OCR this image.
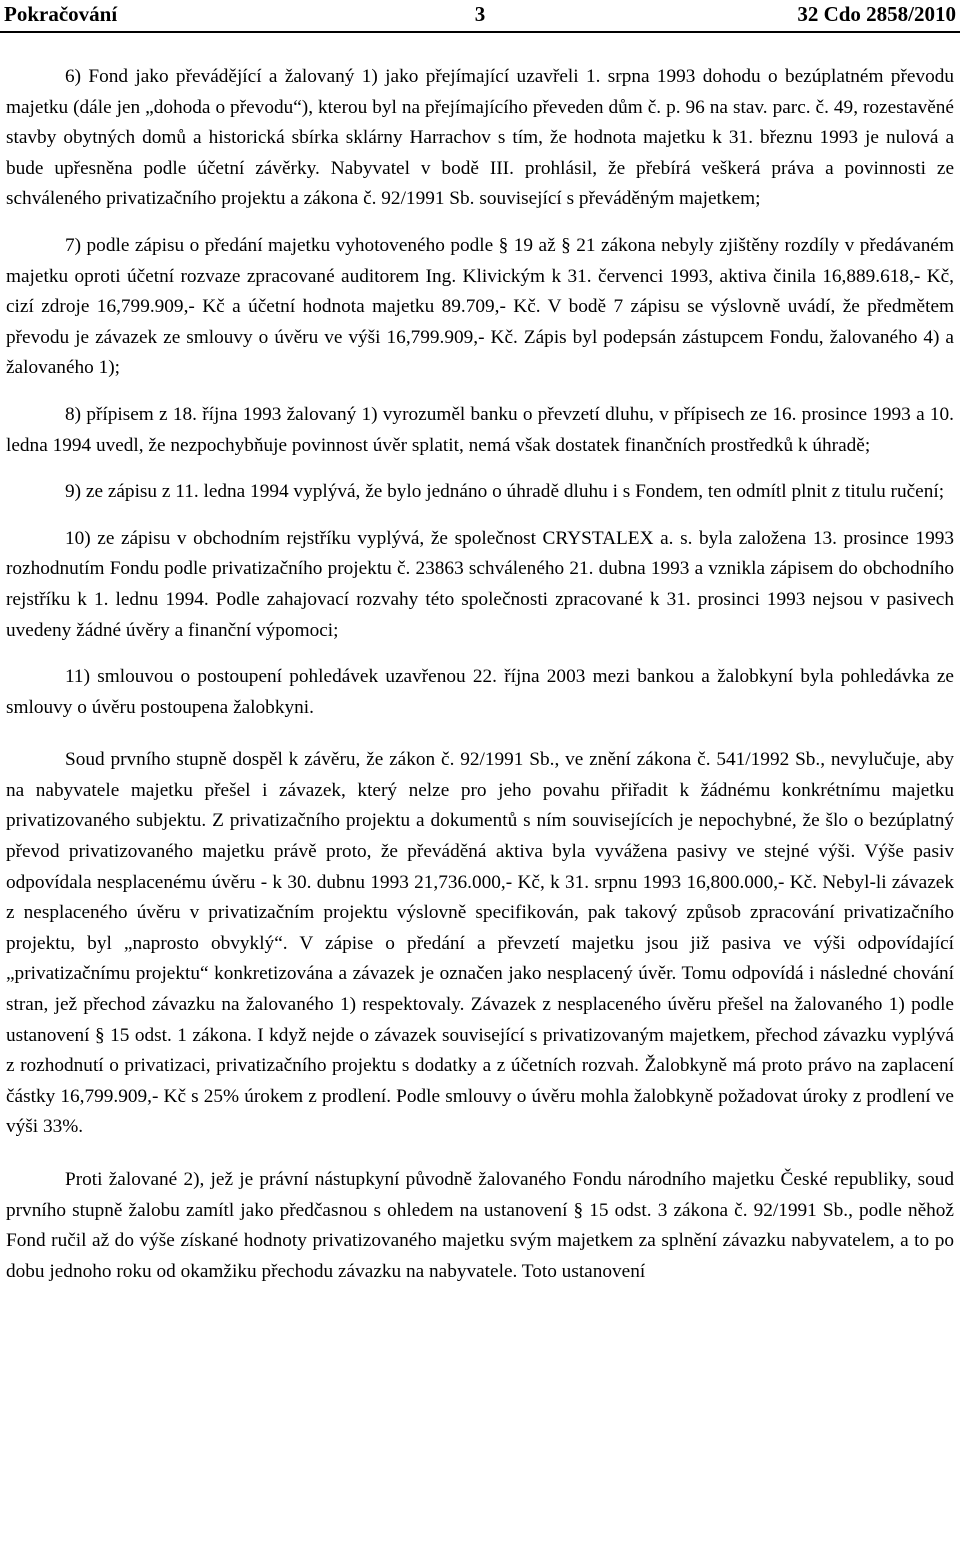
Pokračování	3	32 Cdo 2858/2010

6) Fond jako převádějící a žalovaný 1) jako přejímající uzavřeli 1. srpna 1993 dohodu o bezúplatném převodu majetku (dále jen „dohoda o převodu“), kterou byl na přejímajícího převeden dům č. p. 96 na stav. parc. č. 49, rozestavěné stavby obytných domů a historická sbírka sklárny Harrachov s tím, že hodnota majetku k 31. březnu 1993 je nulová a bude upřesněna podle účetní závěrky. Nabyvatel v bodě III. prohlásil, že přebírá veškerá práva a povinnosti ze schváleného privatizačního projektu a zákona č. 92/1991 Sb. související s převáděným majetkem;

7) podle zápisu o předání majetku vyhotoveného podle § 19 až § 21 zákona nebyly zjištěny rozdíly v předávaném majetku oproti účetní rozvaze zpracované auditorem Ing. Klivickým k 31. červenci 1993, aktiva činila 16,889.618,- Kč, cizí zdroje 16,799.909,- Kč a účetní hodnota majetku 89.709,- Kč. V bodě 7 zápisu se výslovně uvádí, že předmětem převodu je závazek ze smlouvy o úvěru ve výši 16,799.909,- Kč. Zápis byl podepsán zástupcem Fondu, žalovaného 4) a žalovaného 1);

8) přípisem z 18. října 1993 žalovaný 1) vyrozuměl banku o převzetí dluhu, v přípisech ze 16. prosince 1993 a 10. ledna 1994 uvedl, že nezpochybňuje povinnost úvěr splatit, nemá však dostatek finančních prostředků k úhradě;

9) ze zápisu z 11. ledna 1994 vyplývá, že bylo jednáno o úhradě dluhu i s Fondem, ten odmítl plnit z titulu ručení;

10) ze zápisu v obchodním rejstříku vyplývá, že společnost CRYSTALEX a. s. byla založena 13. prosince 1993 rozhodnutím Fondu podle privatizačního projektu č. 23863 schváleného 21. dubna 1993 a vznikla zápisem do obchodního rejstříku k 1. lednu 1994. Podle zahajovací rozvahy této společnosti zpracované k 31. prosinci 1993 nejsou v pasivech uvedeny žádné úvěry a finanční výpomoci;

11) smlouvou o postoupení pohledávek uzavřenou 22. října 2003 mezi bankou a žalobkyní byla pohledávka ze smlouvy o úvěru postoupena žalobkyni.

Soud prvního stupně dospěl k závěru, že zákon č. 92/1991 Sb., ve znění zákona č. 541/1992 Sb., nevylučuje, aby na nabyvatele majetku přešel i závazek, který nelze pro jeho povahu přiřadit k žádnému konkrétnímu majetku privatizovaného subjektu. Z privatizačního projektu a dokumentů s ním souvisejících je nepochybné, že šlo o bezúplatný převod privatizovaného majetku právě proto, že převáděná aktiva byla vyvážena pasivy ve stejné výši. Výše pasiv odpovídala nesplacenému úvěru - k 30. dubnu 1993 21,736.000,- Kč, k 31. srpnu 1993 16,800.000,- Kč. Nebyl-li závazek z nesplaceného úvěru v privatizačním projektu výslovně specifikován, pak takový způsob zpracování privatizačního projektu, byl „naprosto obvyklý“. V zápise o předání a převzetí majetku jsou již pasiva ve výši odpovídající „privatizačnímu projektu“ konkretizována a závazek je označen jako nesplacený úvěr. Tomu odpovídá i následné chování stran, jež přechod závazku na žalovaného 1) respektovaly. Závazek z nesplaceného úvěru přešel na žalovaného 1) podle ustanovení § 15 odst. 1 zákona. I když nejde o závazek související s privatizovaným majetkem, přechod závazku vyplývá z rozhodnutí o privatizaci, privatizačního projektu s dodatky a z účetních rozvah. Žalobkyně má proto právo na zaplacení částky 16,799.909,- Kč s 25% úrokem z prodlení. Podle smlouvy o úvěru mohla žalobkyně požadovat úroky z prodlení ve výši 33%.

Proti žalované 2), jež je právní nástupkyní původně žalovaného Fondu národního majetku České republiky, soud prvního stupně žalobu zamítl jako předčasnou s ohledem na ustanovení § 15 odst. 3 zákona č. 92/1991 Sb., podle něhož Fond ručil až do výše získané hodnoty privatizovaného majetku svým majetkem za splnění závazku nabyvatelem, a to po dobu jednoho roku od okamžiku přechodu závazku na nabyvatele. Toto ustanovení
